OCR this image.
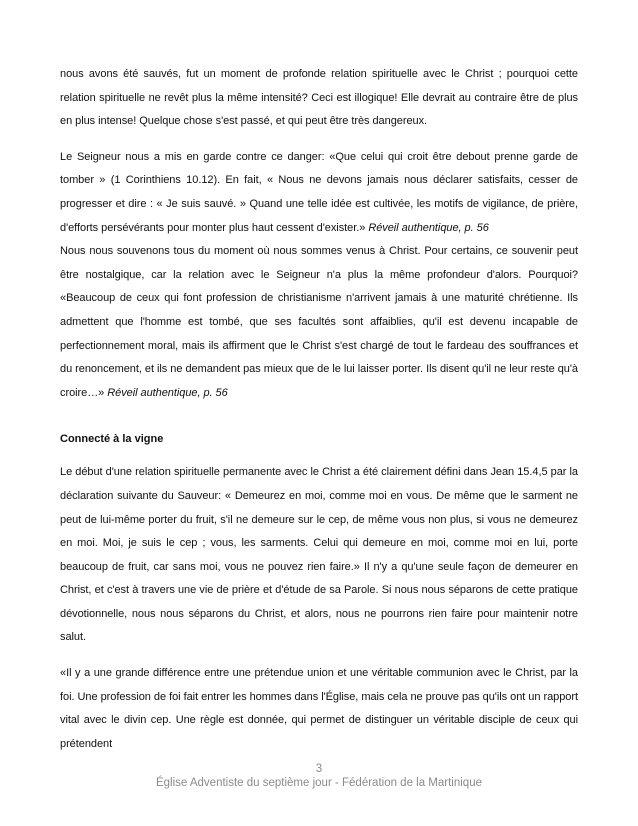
nous avons été sauvés, fut un moment de profonde relation spirituelle avec le Christ ; pourquoi cette relation spirituelle ne revêt plus la même intensité? Ceci est illogique! Elle devrait au contraire être de plus en plus intense! Quelque chose s'est passé, et qui peut être très dangereux.

Le Seigneur nous a mis en garde contre ce danger: «Que celui qui croit être debout prenne garde de tomber » (1 Corinthiens 10.12). En fait, « Nous ne devons jamais nous déclarer satisfaits, cesser de progresser et dire : « Je suis sauvé. » Quand une telle idée est cultivée, les motifs de vigilance, de prière, d'efforts persévérants pour monter plus haut cessent d'exister.» Réveil authentique, p. 56

Nous nous souvenons tous du moment où nous sommes venus à Christ. Pour certains, ce souvenir peut être nostalgique, car la relation avec le Seigneur n'a plus la même profondeur d'alors. Pourquoi? «Beaucoup de ceux qui font profession de christianisme n'arrivent jamais à une maturité chrétienne. Ils admettent que l'homme est tombé, que ses facultés sont affaiblies, qu'il est devenu incapable de perfectionnement moral, mais ils affirment que le Christ s'est chargé de tout le fardeau des souffrances et du renoncement, et ils ne demandent pas mieux que de le lui laisser porter. Ils disent qu'il ne leur reste qu'à croire…» Réveil authentique, p. 56

Connecté à la vigne

Le début d'une relation spirituelle permanente avec le Christ a été clairement défini dans Jean 15.4,5 par la déclaration suivante du Sauveur: « Demeurez en moi, comme moi en vous. De même que le sarment ne peut de lui-même porter du fruit, s'il ne demeure sur le cep, de même vous non plus, si vous ne demeurez en moi. Moi, je suis le cep ; vous, les sarments. Celui qui demeure en moi, comme moi en lui, porte beaucoup de fruit, car sans moi, vous ne pouvez rien faire.» Il n'y a qu'une seule façon de demeurer en Christ, et c'est à travers une vie de prière et d'étude de sa Parole. Si nous nous séparons de cette pratique dévotionnelle, nous nous séparons du Christ, et alors, nous ne pourrons rien faire pour maintenir notre salut.

«Il y a une grande différence entre une prétendue union et une véritable communion avec le Christ, par la foi. Une profession de foi fait entrer les hommes dans l'Église, mais cela ne prouve pas qu'ils ont un rapport vital avec le divin cep. Une règle est donnée, qui permet de distinguer un véritable disciple de ceux qui prétendent

3
Église Adventiste du septième jour - Fédération de la Martinique
